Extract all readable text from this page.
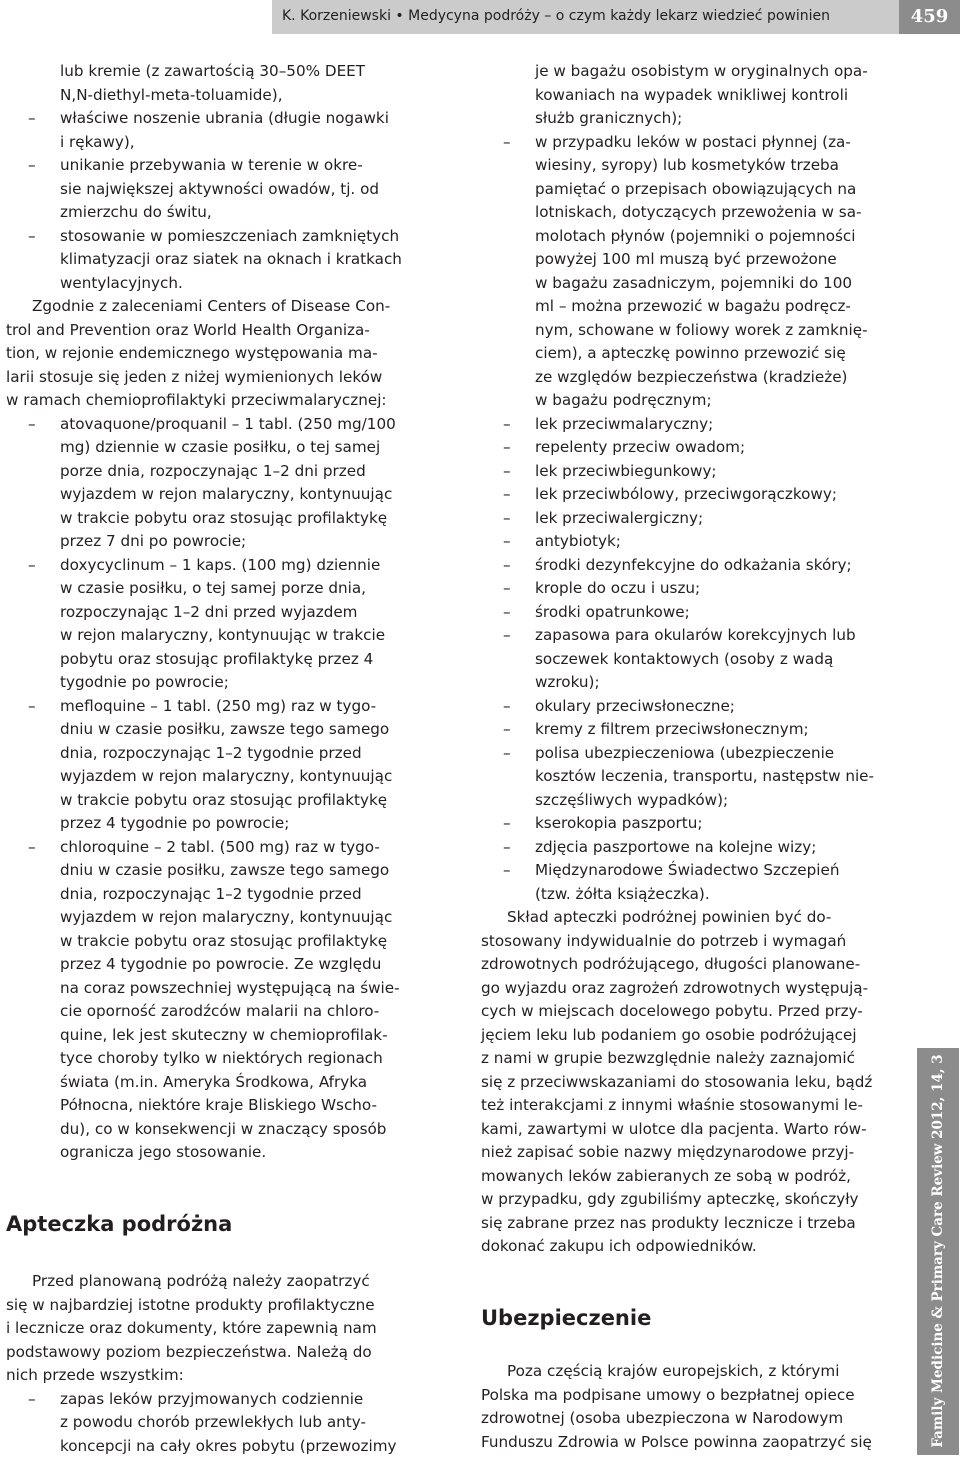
K. Korzeniewski • Medycyna podróży – o czym każdy lekarz wiedzieć powinien	459
Family Medicine & Primary Care Review 2012, 14, 3
lub kremie (z zawartością 30–50% DEET
N,N-diethyl-meta-toluamide),
– właściwe noszenie ubrania (długie nogawki
i rękawy),
– unikanie przebywania w terenie w okre-
sie największej aktywności owadów, tj. od
zmierzchu do świtu,
– stosowanie w pomieszczeniach zamkniętych
klimatyzacji oraz siatek na oknach i kratkach
wentylacyjnych.
Zgodnie z zaleceniami Centers of Disease Con-
trol and Prevention oraz World Health Organiza-
tion, w rejonie endemicznego występowania ma-
larii stosuje się jeden z niżej wymienionych leków
w ramach chemioprofilaktyki przeciwmalarycznej:
– atovaquone/proquanil – 1 tabl. (250 mg/100
mg) dziennie w czasie posiłku, o tej samej
porze dnia, rozpoczynając 1–2 dni przed
wyjazdem w rejon malaryczny, kontynuując
w trakcie pobytu oraz stosując profilaktykę
przez 7 dni po powrocie;
– doxycyclinum – 1 kaps. (100 mg) dziennie
w czasie posiłku, o tej samej porze dnia,
rozpoczynając 1–2 dni przed wyjazdem
w rejon malaryczny, kontynuując w trakcie
pobytu oraz stosując profilaktykę przez 4
tygodnie po powrocie;
– mefloquine – 1 tabl. (250 mg) raz w tygo-
dniu w czasie posiłku, zawsze tego samego
dnia, rozpoczynając 1–2 tygodnie przed
wyjazdem w rejon malaryczny, kontynuując
w trakcie pobytu oraz stosując profilaktykę
przez 4 tygodnie po powrocie;
– chloroquine – 2 tabl. (500 mg) raz w tygo-
dniu w czasie posiłku, zawsze tego samego
dnia, rozpoczynając 1–2 tygodnie przed
wyjazdem w rejon malaryczny, kontynuując
w trakcie pobytu oraz stosując profilaktykę
przez 4 tygodnie po powrocie. Ze względu
na coraz powszechniej występującą na świe-
cie oporność zarodźców malarii na chloro-
quine, lek jest skuteczny w chemioprofilak-
tyce choroby tylko w niektórych regionach
świata (m.in. Ameryka Środkowa, Afryka
Północna, niektóre kraje Bliskiego Wscho-
du), co w konsekwencji w znaczący sposób
ogranicza jego stosowanie.
Apteczka podróżna
Przed planowaną podróżą należy zaopatrzyć
się w najbardziej istotne produkty profilaktyczne
i lecznicze oraz dokumenty, które zapewnią nam
podstawowy poziom bezpieczeństwa. Należą do
nich przede wszystkim:
– zapas leków przyjmowanych codziennie
z powodu chorób przewlekłych lub anty-
koncepcji na cały okres pobytu (przewozimy
je w bagażu osobistym w oryginalnych opa-
kowaniach na wypadek wnikliwej kontroli
służb granicznych);
– w przypadku leków w postaci płynnej (za-
wiesiny, syropy) lub kosmetyków trzeba
pamiętać o przepisach obowiązujących na
lotniskach, dotyczących przewożenia w sa-
molotach płynów (pojemniki o pojemności
powyżej 100 ml muszą być przewożone
w bagażu zasadniczym, pojemniki do 100
ml – można przewozić w bagażu podręcz-
nym, schowane w foliowy worek z zamknię-
ciem), a apteczkę powinno przewozić się
ze względów bezpieczeństwa (kradzieże)
w bagażu podręcznym;
– lek przeciwmalaryczny;
– repelenty przeciw owadom;
– lek przeciwbiegunkowy;
– lek przeciwbólowy, przeciwgorączkowy;
– lek przeciwalergiczny;
– antybiotyk;
– środki dezynfekcyjne do odkażania skóry;
– krople do oczu i uszu;
– środki opatrunkowe;
– zapasowa para okularów korekcyjnych lub
soczewek kontaktowych (osoby z wadą
wzroku);
– okulary przeciwsłoneczne;
– kremy z filtrem przeciwsłonecznym;
– polisa ubezpieczeniowa (ubezpieczenie
kosztów leczenia, transportu, następstw nie-
szczęśliwych wypadków);
– kserokopia paszportu;
– zdjęcia paszportowe na kolejne wizy;
– Międzynarodowe Świadectwo Szczepień
(tzw. żółta książeczka).
Skład apteczki podróżnej powinien być do-
stosowany indywidualnie do potrzeb i wymagań
zdrowotnych podróżującego, długości planowane-
go wyjazdu oraz zagrożeń zdrowotnych występują-
cych w miejscach docelowego pobytu. Przed przy-
jęciem leku lub podaniem go osobie podróżującej
z nami w grupie bezwzględnie należy zaznajomić
się z przeciwwskazaniami do stosowania leku, bądź
też interakcjami z innymi właśnie stosowanymi le-
kami, zawartymi w ulotce dla pacjenta. Warto rów-
nież zapisać sobie nazwy międzynarodowe przyj-
mowanych leków zabieranych ze sobą w podróż,
w przypadku, gdy zgubiliśmy apteczkę, skończyły
się zabrane przez nas produkty lecznicze i trzeba
dokonać zakupu ich odpowiedników.
Ubezpieczenie
Poza częścią krajów europejskich, z którymi
Polska ma podpisane umowy o bezpłatnej opiece
zdrowotnej (osoba ubezpieczona w Narodowym
Funduszu Zdrowia w Polsce powinna zaopatrzyć się
